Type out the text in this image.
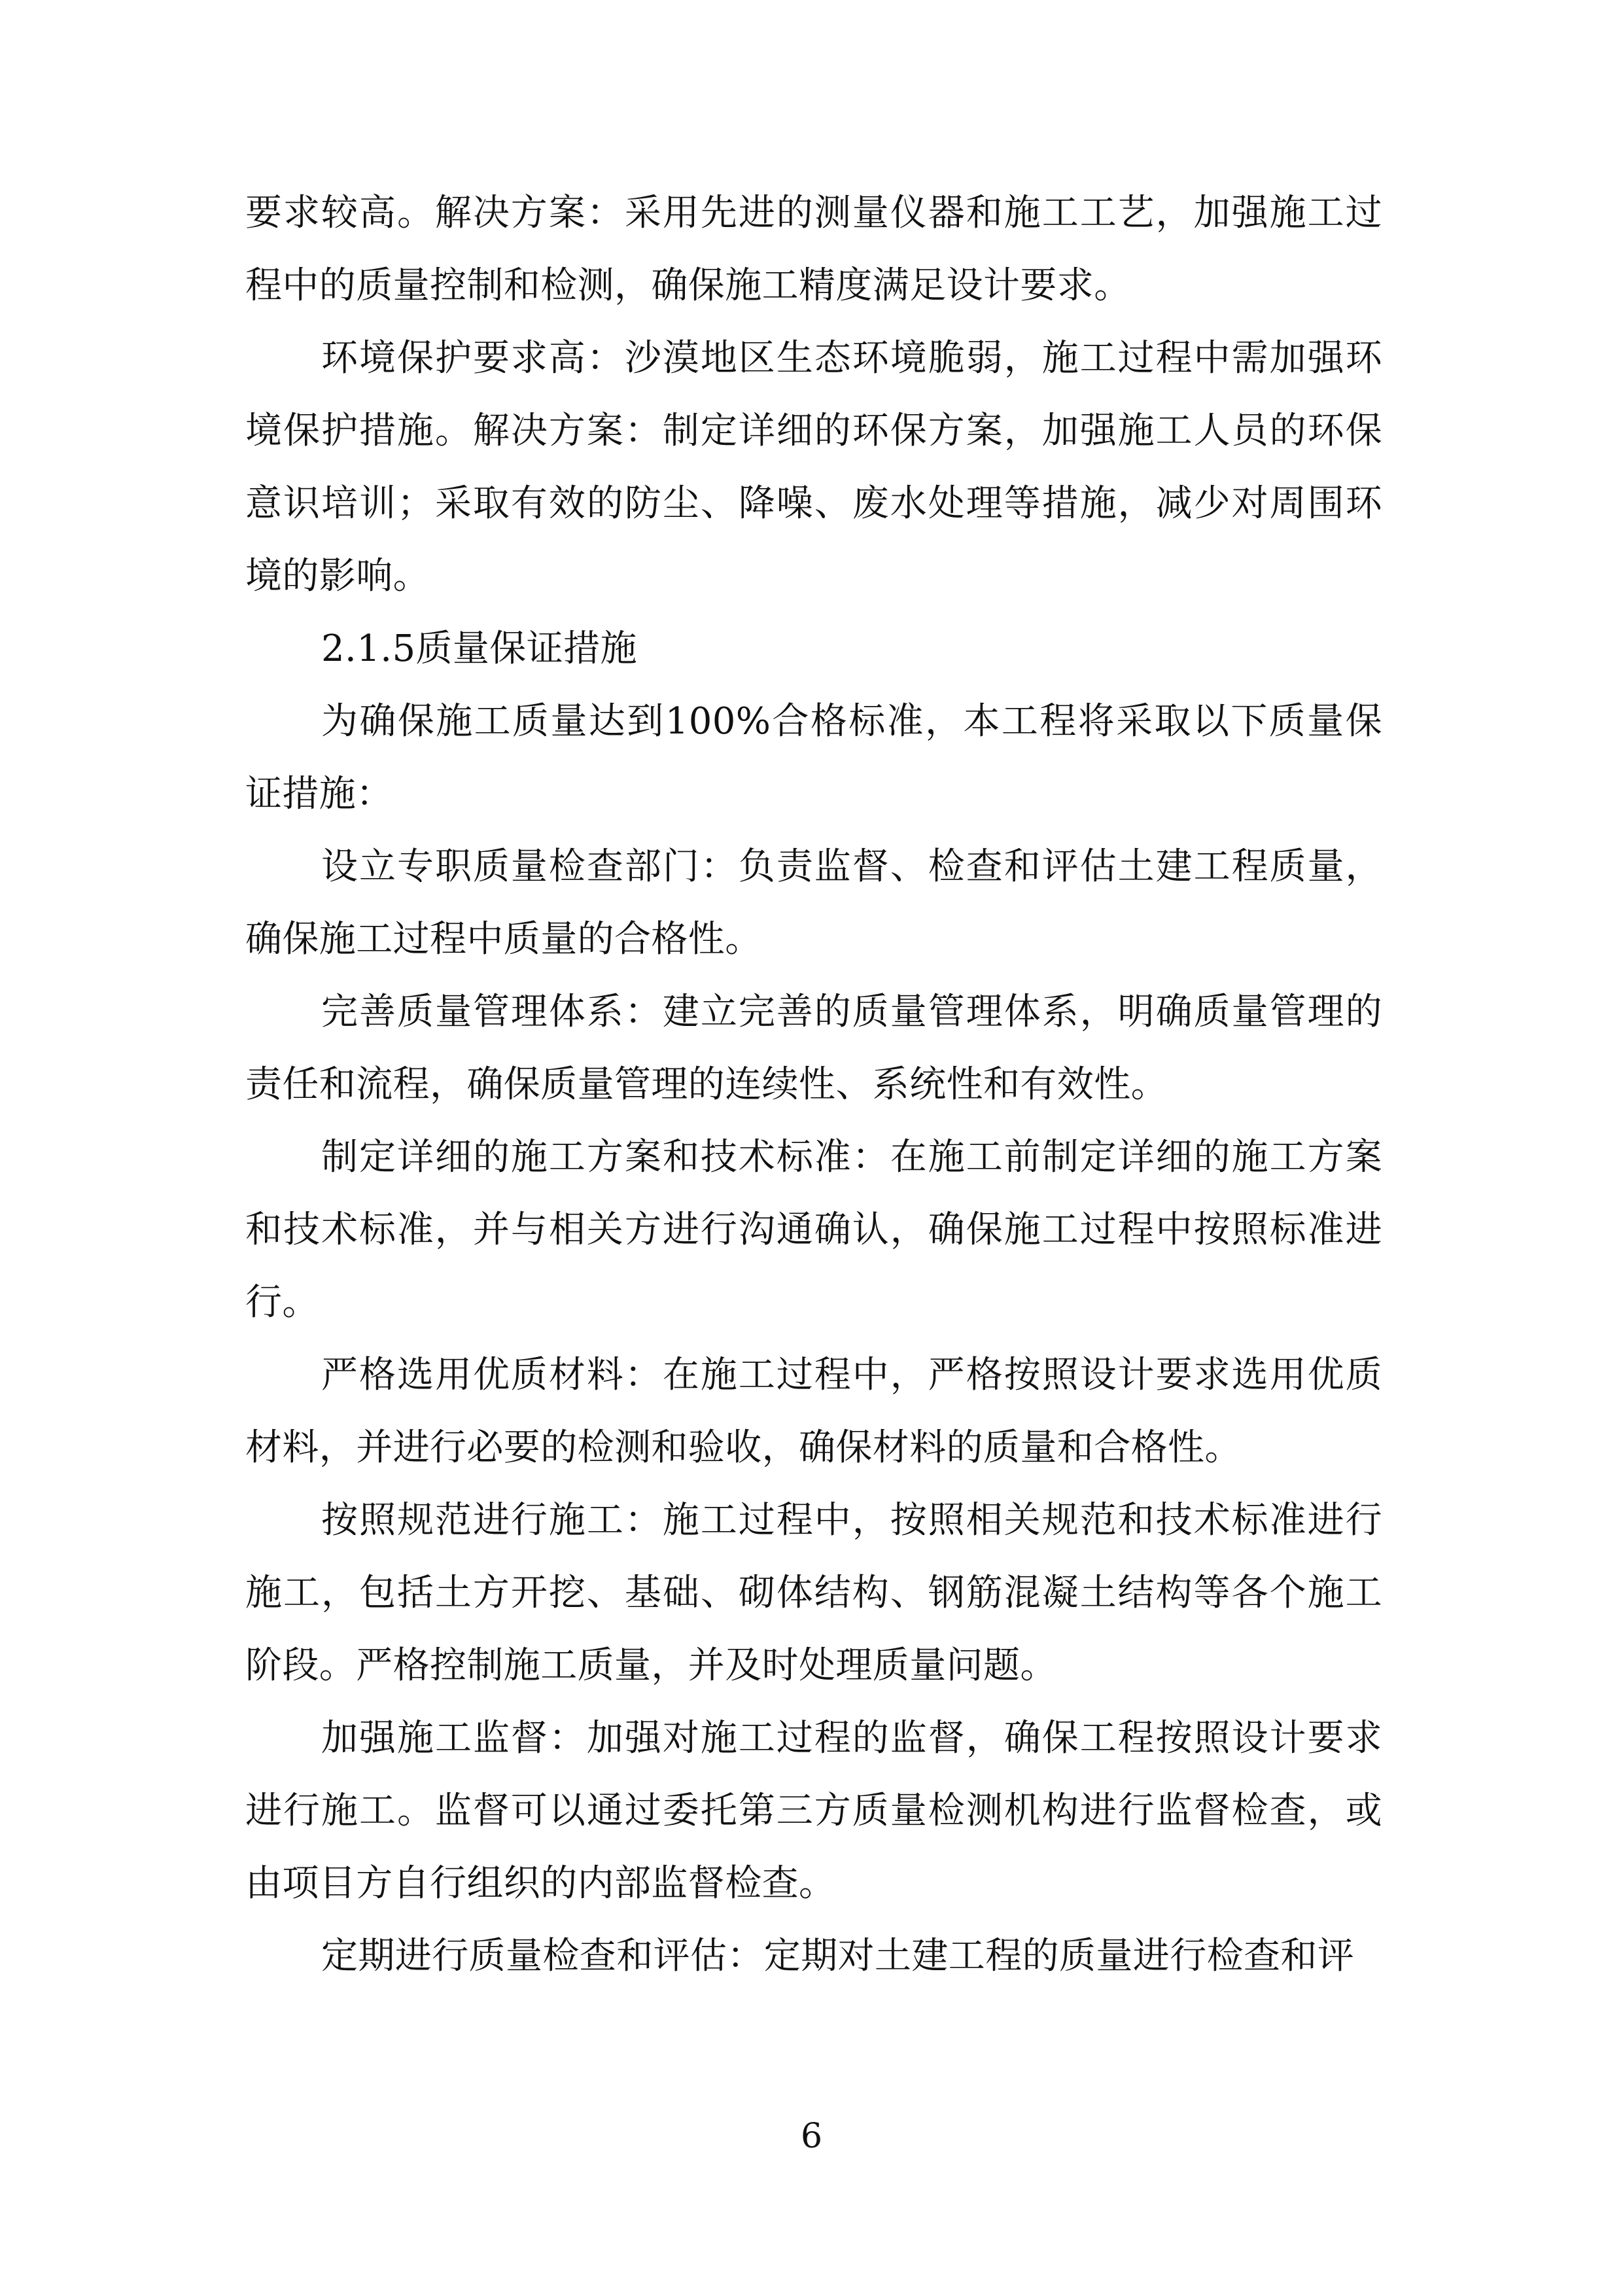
要求较高。解决方案：采用先进的测量仪器和施工工艺，加强施工过程中的质量控制和检测，确保施工精度满足设计要求。

环境保护要求高：沙漠地区生态环境脆弱，施工过程中需加强环境保护措施。解决方案：制定详细的环保方案，加强施工人员的环保意识培训；采取有效的防尘、降噪、废水处理等措施，减少对周围环境的影响。

2.1.5质量保证措施

为确保施工质量达到100%合格标准，本工程将采取以下质量保证措施：

设立专职质量检查部门：负责监督、检查和评估土建工程质量，确保施工过程中质量的合格性。

完善质量管理体系：建立完善的质量管理体系，明确质量管理的责任和流程，确保质量管理的连续性、系统性和有效性。

制定详细的施工方案和技术标准：在施工前制定详细的施工方案和技术标准，并与相关方进行沟通确认，确保施工过程中按照标准进行。

严格选用优质材料：在施工过程中，严格按照设计要求选用优质材料，并进行必要的检测和验收，确保材料的质量和合格性。

按照规范进行施工：施工过程中，按照相关规范和技术标准进行施工，包括土方开挖、基础、砌体结构、钢筋混凝土结构等各个施工阶段。严格控制施工质量，并及时处理质量问题。

加强施工监督：加强对施工过程的监督，确保工程按照设计要求进行施工。监督可以通过委托第三方质量检测机构进行监督检查，或由项目方自行组织的内部监督检查。

定期进行质量检查和评估：定期对土建工程的质量进行检查和评

6
